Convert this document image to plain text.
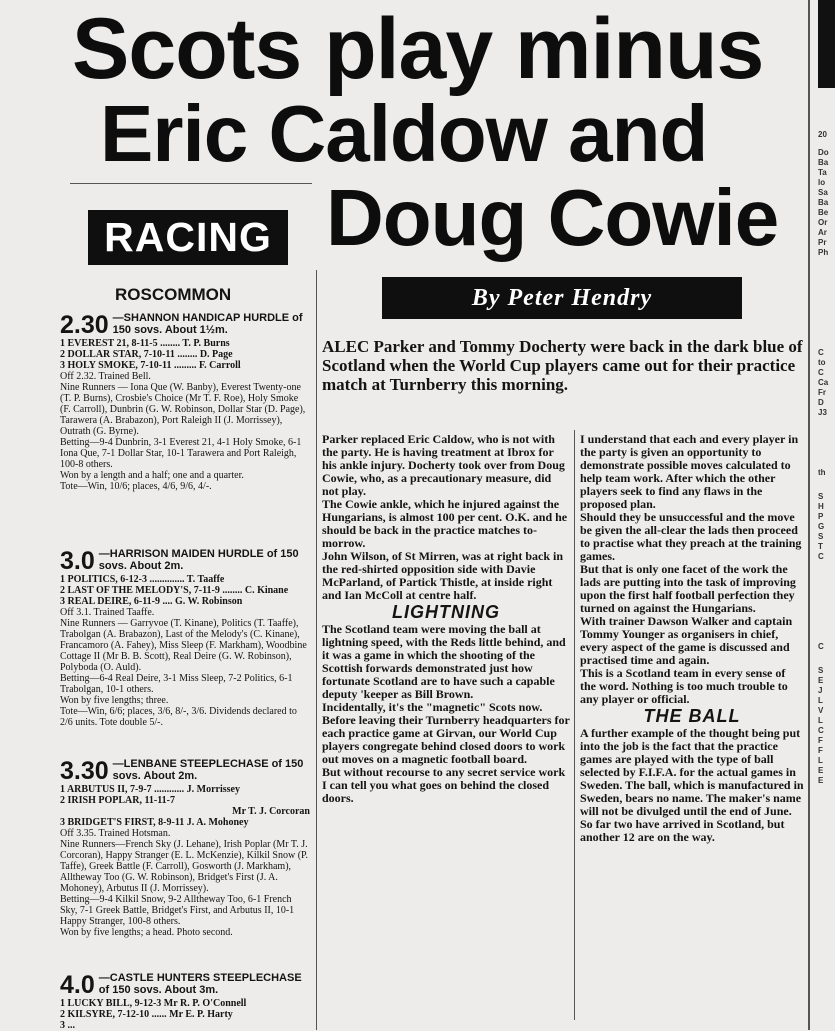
Scots play minus
Eric Caldow and
Doug Cowie
20
Do
Ba
Ta
lo
Sa
Ba
Be
Or
Ar
Pr
Ph
C
to
C
Ca
Fr
D
J3
th
S
H
P
G
S
T
C
C
S
E
J
L
V
L
C
F
F
L
E
E
RACING
ROSCOMMON
2.30 —SHANNON HANDICAP HURDLE of 150 sovs. About 1½m.

1 EVEREST 21, 8-11-5 ........ T. P. Burns

2 DOLLAR STAR, 7-10-11 ........ D. Page

3 HOLY SMOKE, 7-10-11 ......... F. Carroll

Off 2.32. Trained Bell.

Nine Runners — Iona Que (W. Banby), Everest Twenty-one (T. P. Burns), Crosbie's Choice (Mr T. F. Roe), Holy Smoke (F. Carroll), Dunbrin (G. W. Robinson, Dollar Star (D. Page), Tarawera (A. Brabazon), Port Raleigh II (J. Morrissey), Outrath (G. Byrne).

Betting—9-4 Dunbrin, 3-1 Everest 21, 4-1 Holy Smoke, 6-1 Iona Que, 7-1 Dollar Star, 10-1 Tarawera and Port Raleigh, 100-8 others.

Won by a length and a half; one and a quarter.

Tote—Win, 10/6; places, 4/6, 9/6, 4/-.

3.0 —HARRISON MAIDEN HURDLE of 150 sovs. About 2m.

1 POLITICS, 6-12-3 .............. T. Taaffe

2 LAST OF THE MELODY'S, 7-11-9 ........ C. Kinane

3 REAL DEIRE, 6-11-9 .... G. W. Robinson

Off 3.1. Trained Taaffe.

Nine Runners — Garryvoe (T. Kinane), Politics (T. Taaffe), Trabolgan (A. Brabazon), Last of the Melody's (C. Kinane), Francamoro (A. Fahey), Miss Sleep (F. Markham), Woodbine Cottage II (Mr B. B. Scott), Real Deire (G. W. Robinson), Polyboda (O. Auld).

Betting—6-4 Real Deire, 3-1 Miss Sleep, 7-2 Politics, 6-1 Trabolgan, 10-1 others.

Won by five lengths; three.

Tote—Win, 6/6; places, 3/6, 8/-, 3/6. Dividends declared to 2/6 units. Tote double 5/-.

3.30 —LENBANE STEEPLECHASE of 150 sovs. About 2m.

1 ARBUTUS II, 7-9-7 ............ J. Morrissey

2 IRISH POPLAR, 11-11-7

Mr T. J. Corcoran

3 BRIDGET'S FIRST, 8-9-11 J. A. Mohoney

Off 3.35. Trained Hotsman.

Nine Runners—French Sky (J. Lehane), Irish Poplar (Mr T. J. Corcoran), Happy Stranger (E. L. McKenzie), Kilkil Snow (P. Taffe), Greek Battle (F. Carroll), Gosworth (J. Markham), Alltheway Too (G. W. Robinson), Bridget's First (J. A. Mohoney), Arbutus II (J. Morrissey).

Betting—9-4 Kilkil Snow, 9-2 Alltheway Too, 6-1 French Sky, 7-1 Greek Battle, Bridget's First, and Arbutus II, 10-1 Happy Stranger, 100-8 others.

Won by five lengths; a head. Photo second.

4.0 —CASTLE HUNTERS STEEPLECHASE of 150 sovs. About 3m.

1 LUCKY BILL, 9-12-3 Mr R. P. O'Connell

2 KILSYRE, 7-12-10 ...... Mr E. P. Harty

3 ...

By Peter Hendry
ALEC Parker and Tommy Docherty were back in the dark blue of Scotland when the World Cup players came out for their practice match at Turnberry this morning.

Parker replaced Eric Caldow, who is not with the party. He is having treatment at Ibrox for his ankle injury. Docherty took over from Doug Cowie, who, as a precautionary measure, did not play.

The Cowie ankle, which he injured against the Hungarians, is almost 100 per cent. O.K. and he should be back in the practice matches to-morrow.

John Wilson, of St Mirren, was at right back in the red-shirted opposition side with Davie McParland, of Partick Thistle, at inside right and Ian McColl at centre half.

LIGHTNING

The Scotland team were moving the ball at lightning speed, with the Reds little behind, and it was a game in which the shooting of the Scottish forwards demonstrated just how fortunate Scotland are to have such a capable deputy 'keeper as Bill Brown.

Incidentally, it's the "magnetic" Scots now. Before leaving their Turnberry headquarters for each practice game at Girvan, our World Cup players congregate behind closed doors to work out moves on a magnetic football board.

But without recourse to any secret service work I can tell you what goes on behind the closed doors.

I understand that each and every player in the party is given an opportunity to demonstrate possible moves calculated to help team work. After which the other players seek to find any flaws in the proposed plan.

Should they be unsuccessful and the move be given the all-clear the lads then proceed to practise what they preach at the training games.

But that is only one facet of the work the lads are putting into the task of improving upon the first half football perfection they turned on against the Hungarians.

With trainer Dawson Walker and captain Tommy Younger as organisers in chief, every aspect of the game is discussed and practised time and again.

This is a Scotland team in every sense of the word. Nothing is too much trouble to any player or official.

THE BALL

A further example of the thought being put into the job is the fact that the practice games are played with the type of ball selected by F.I.F.A. for the actual games in Sweden. The ball, which is manufactured in Sweden, bears no name. The maker's name will not be divulged until the end of June.

So far two have arrived in Scotland, but another 12 are on the way.
